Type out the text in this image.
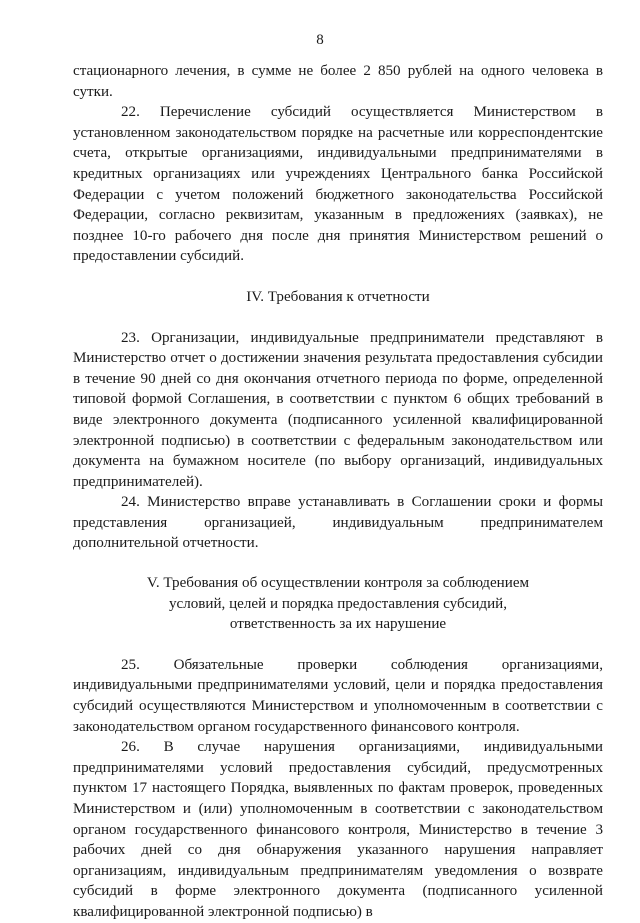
8

стационарного лечения, в сумме не более 2 850 рублей на одного человека в сутки.

22. Перечисление субсидий осуществляется Министерством в установленном законодательством порядке на расчетные или корреспондентские счета, открытые организациями, индивидуальными предпринимателями в кредитных организациях или учреждениях Центрального банка Российской Федерации с учетом положений бюджетного законодательства Российской Федерации, согласно реквизитам, указанным в предложениях (заявках), не позднее 10-го рабочего дня после дня принятия Министерством решений о предоставлении субсидий.

IV. Требования к отчетности

23. Организации, индивидуальные предприниматели представляют в Министерство отчет о достижении значения результата предоставления субсидии в течение 90 дней со дня окончания отчетного периода по форме, определенной типовой формой Соглашения, в соответствии с пунктом 6 общих требований в виде электронного документа (подписанного усиленной квалифицированной электронной подписью) в соответствии с федеральным законодательством или документа на бумажном носителе (по выбору организаций, индивидуальных предпринимателей).

24. Министерство вправе устанавливать в Соглашении сроки и формы представления организацией, индивидуальным предпринимателем дополнительной отчетности.

V. Требования об осуществлении контроля за соблюдением
условий, целей и порядка предоставления субсидий,
ответственность за их нарушение

25. Обязательные проверки соблюдения организациями, индивидуальными предпринимателями условий, цели и порядка предоставления субсидий осуществляются Министерством и уполномоченным в соответствии с законодательством органом государственного финансового контроля.

26. В случае нарушения организациями, индивидуальными предпринимателями условий предоставления субсидий, предусмотренных пунктом 17 настоящего Порядка, выявленных по фактам проверок, проведенных Министерством и (или) уполномоченным в соответствии с законодательством органом государственного финансового контроля, Министерство в течение 3 рабочих дней со дня обнаружения указанного нарушения направляет организациям, индивидуальным предпринимателям уведомления о возврате субсидий в форме электронного документа (подписанного усиленной квалифицированной электронной подписью) в
